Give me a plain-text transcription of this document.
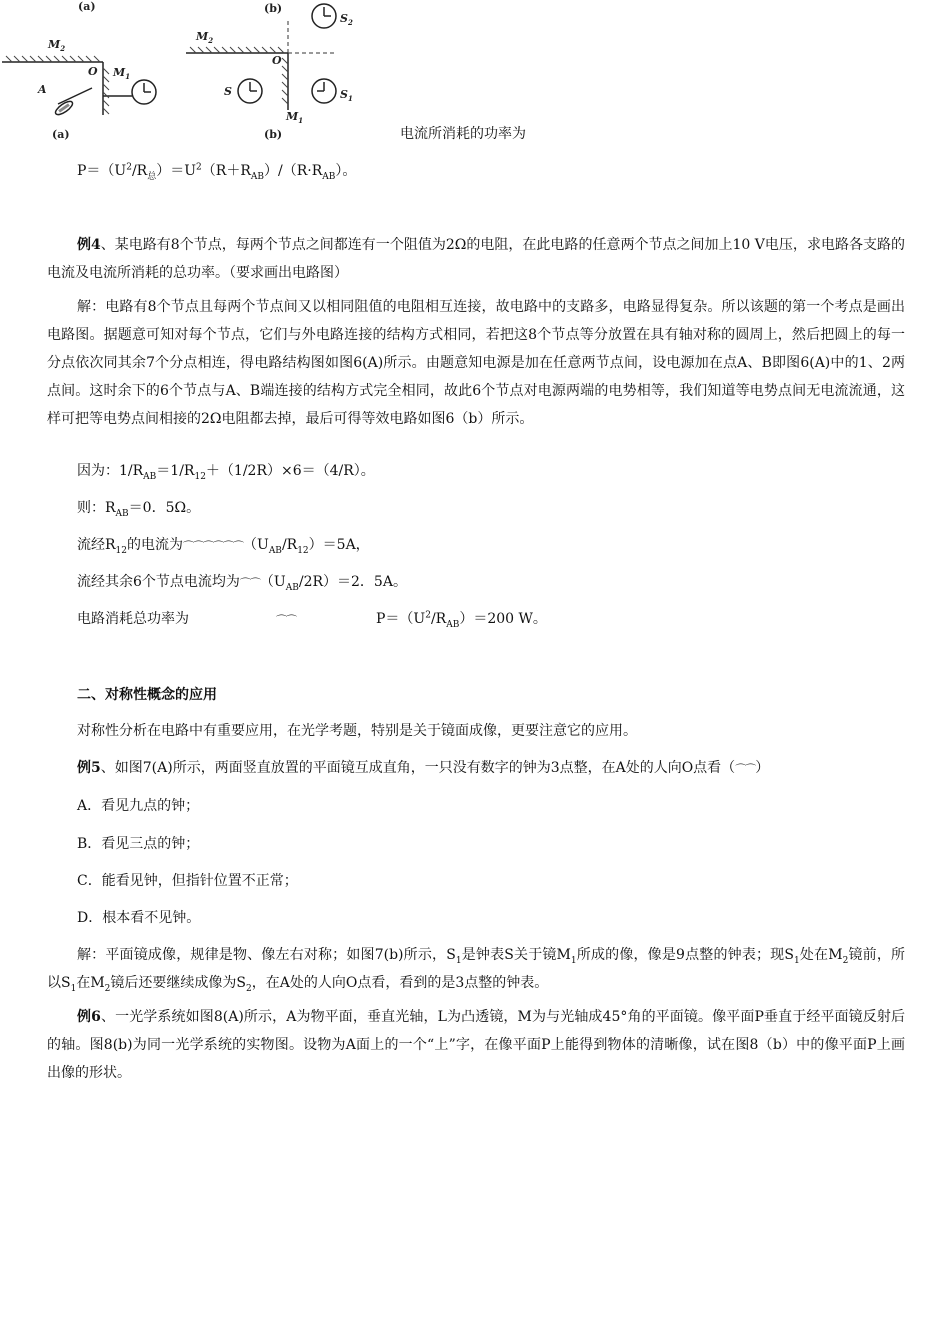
(a)
$M_2$
O $M_1$
A
(a)
(b)
$M_2$
O
$M_1$
S	$S_1$
$S_2$
(b)	电流所消耗的功率为
$P=(U^2/R_总)=U^2(R+R_{AB})/(R\cdot R_{AB})$。
例4、某电路有8个节点，每两个节点之间都连有一个阻值为2Ω的电阻，在此电路的任意两个节点之间加上10 V电压，求电路各支路的电流及电流所消耗的总功率。（要求画出电路图）
解：电路有8个节点且每两个节点间又以相同阻值的电阻相互连接，故电路中的支路多，电路显得复杂。所以该题的第一个考点是画出电路图。据题意可知对每个节点，它们与外电路连接的结构方式相同，若把这8个节点等分放置在具有轴对称的圆周上，然后把圆上的每一分点依次同其余7个分点相连，得电路结构图如图6(A)所示。由题意知电源是加在任意两节点间，设电源加在点A、B即图6(A)中的1、2两点间。这时余下的6个节点与A、B端连接的结构方式完全相同，故此6个节点对电源两端的电势相等，我们知道等电势点间无电流流通，这样可把等电势点间相接的2Ω电阻都去掉，最后可得等效电路如图6（b）所示。
因为：$1/R_{AB}=1/R_{12}+(1/2R)\times 6=(4/R)$。
则：$R_{AB}=0$．5Ω。
流经$R_{12}$的电流为$⌒⌒⌒⌒⌒⌒(U_{AB}/R_{12})=5A$，
流经其余6个节点电流均为$⌒⌒(U_{AB}/2R)=2$．5A。
电路消耗总功率为	⌒⌒	$P=(U^2/R_{AB})=200$ W。
二、对称性概念的应用
对称性分析在电路中有重要应用，在光学考题，特别是关于镜面成像，更要注意它的应用。
例5、如图7(A)所示，两面竖直放置的平面镜互成直角，一只没有数字的钟为3点整，在A处的人向O点看（⌒⌒）
A．看见九点的钟；
B．看见三点的钟；
C．能看见钟，但指针位置不正常；
D．根本看不见钟。
解：平面镜成像，规律是物、像左右对称；如图7(b)所示，$S_1$是钟表S关于镜$M_1$所成的像，像是9点整的钟表；现$S_1$处在$M_2$镜前，所以$S_1$在$M_2$镜后还要继续成像为$S_2$，在A处的人向O点看，看到的是3点整的钟表。
例6、一光学系统如图8(A)所示，A为物平面，垂直光轴，L为凸透镜，M为与光轴成45°角的平面镜。像平面P垂直于经平面镜反射后的轴。图8(b)为同一光学系统的实物图。设物为A面上的一个“上”字，在像平面P上能得到物体的清晰像，试在图8（b）中的像平面P上画出像的形状。
